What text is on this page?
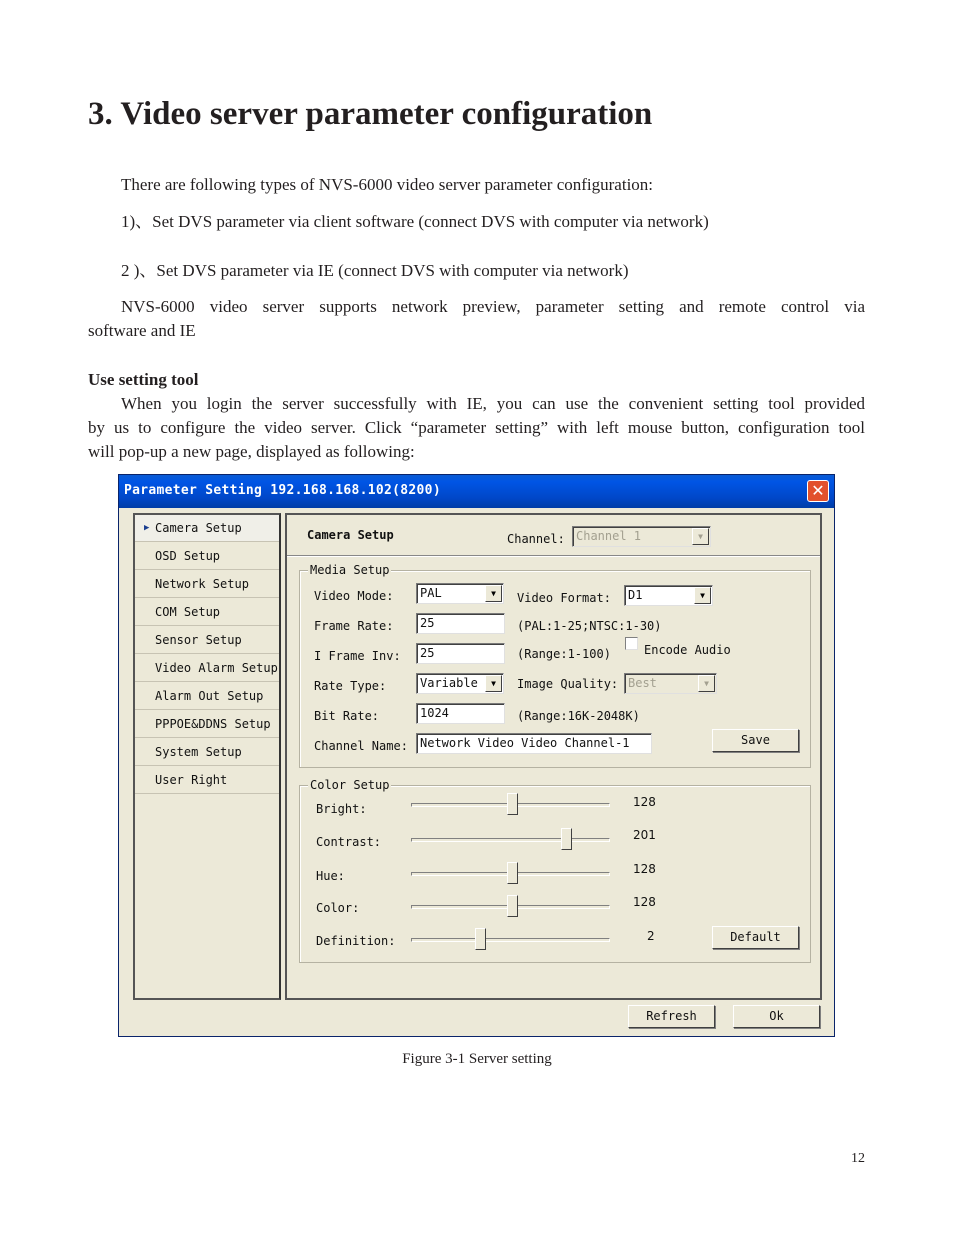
3. Video server parameter configuration
There are following types of NVS-6000 video server parameter configuration:
1)、Set DVS parameter via client software (connect DVS with computer via network)
2 )、Set DVS parameter via IE (connect DVS with computer via network)
NVS-6000 video server supports network preview, parameter setting and remote control via
software and IE
Use setting tool
When you login the server successfully with IE, you can use the convenient setting tool provided
by us to configure the video server. Click “parameter setting” with left mouse button, configuration tool
will pop-up a new page, displayed as following:
Parameter Setting 192.168.168.102(8200)	✕
▶ Camera Setup
OSD Setup
Network Setup
COM Setup
Sensor Setup
Video Alarm Setup
Alarm Out Setup
PPPOE&DDNS Setup
System Setup
User Right
Camera Setup	Channel: Channel 1	▼
Media Setup
Video Mode:	PAL	▼	Video Format:	D1	▼
Frame Rate:	25	(PAL:1-25;NTSC:1-30)
I Frame Inv:	25	(Range:1-100)	Encode Audio
Rate Type:	Variable	▼	Image Quality: Best	▼
Bit Rate:	1024	(Range:16K-2048K)
Channel Name:	Network Video Video Channel-1	Save
Color Setup
Bright:	128
Contrast:	201
Hue:	128
Color:	128
Definition:	2	Default
Refresh	Ok
Figure 3-1 Server setting
12
